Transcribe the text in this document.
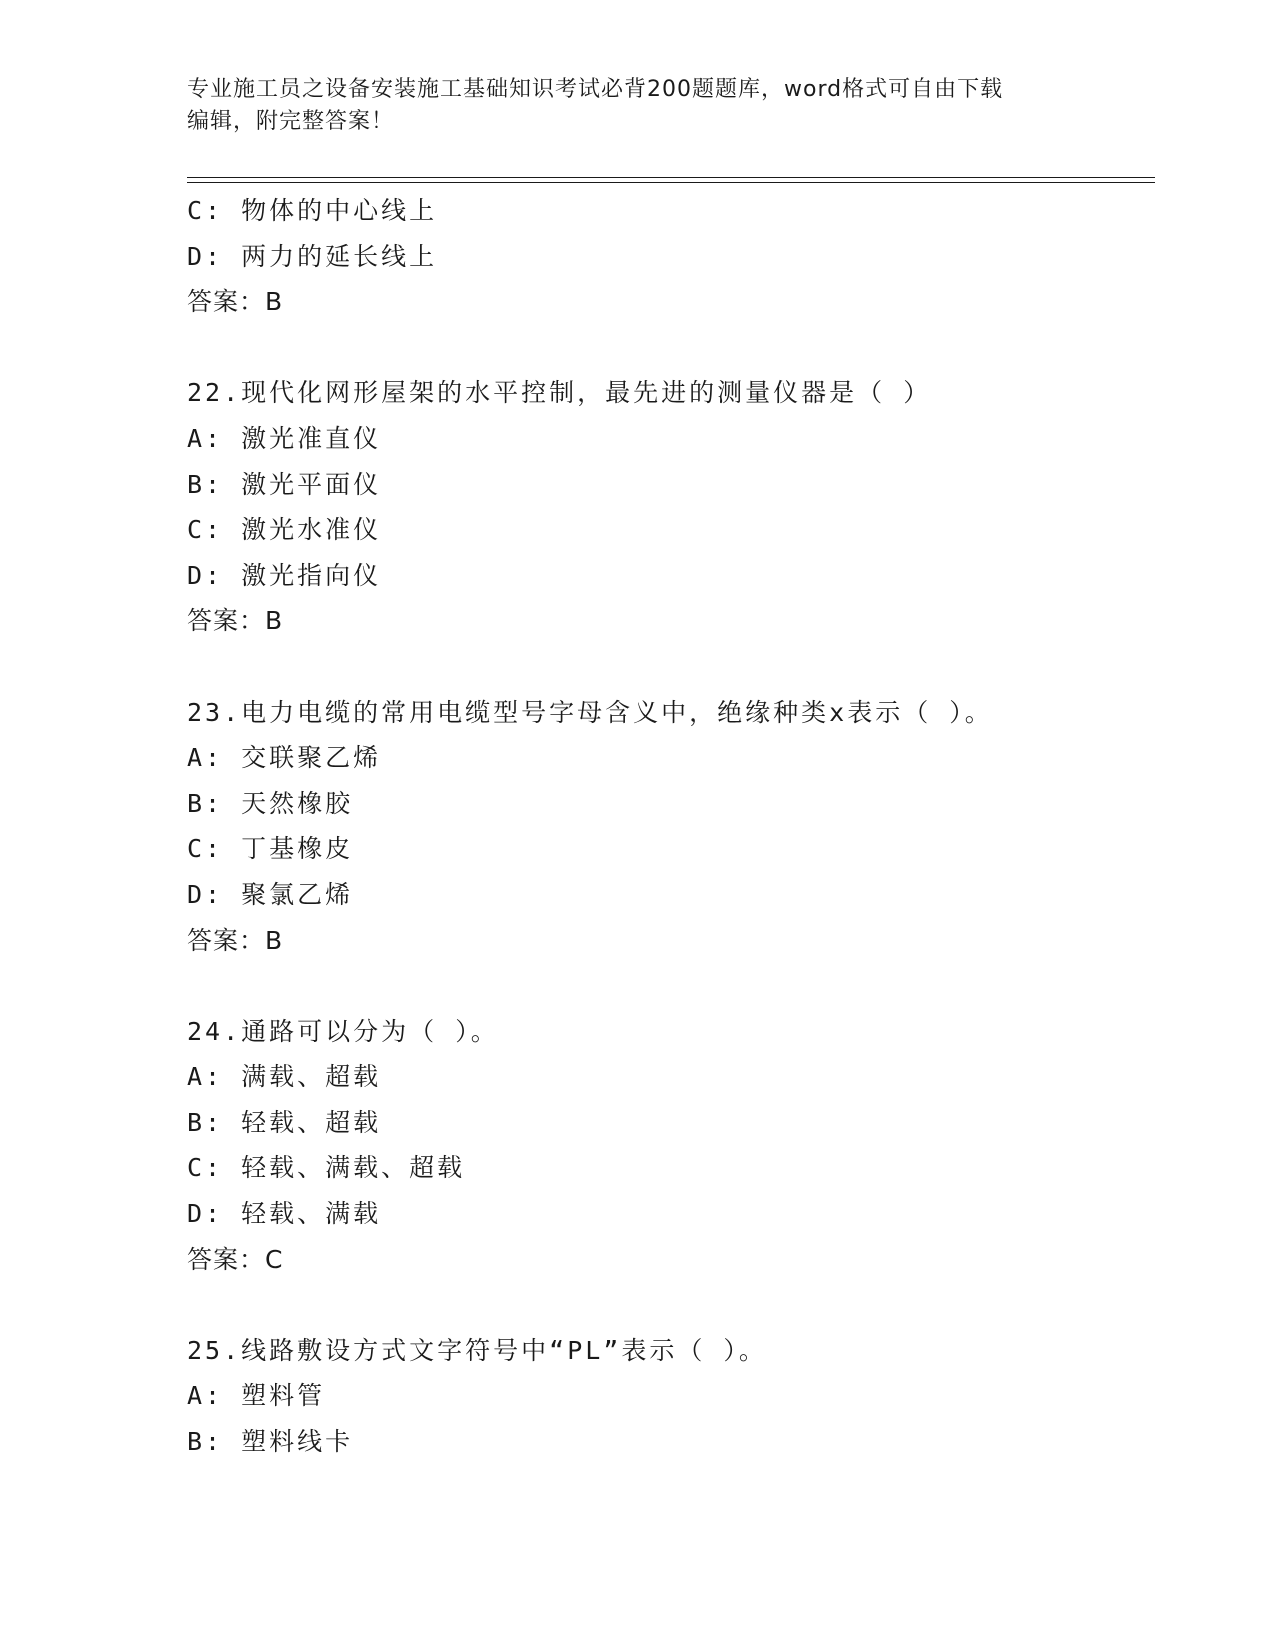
专业施工员之设备安装施工基础知识考试必背200题题库，word格式可自由下载
编辑，附完整答案！
C: 物体的中心线上
D: 两力的延长线上
答案：B
22.现代化网形屋架的水平控制，最先进的测量仪器是（ ）
A: 激光准直仪
B: 激光平面仪
C: 激光水准仪
D: 激光指向仪
答案：B
23.电力电缆的常用电缆型号字母含义中，绝缘种类x表示（ ）。
A: 交联聚乙烯
B: 天然橡胶
C: 丁基橡皮
D: 聚氯乙烯
答案：B
24.通路可以分为（ ）。
A: 满载、超载
B: 轻载、超载
C: 轻载、满载、超载
D: 轻载、满载
答案：C
25.线路敷设方式文字符号中“PL”表示（ ）。
A: 塑料管
B: 塑料线卡
